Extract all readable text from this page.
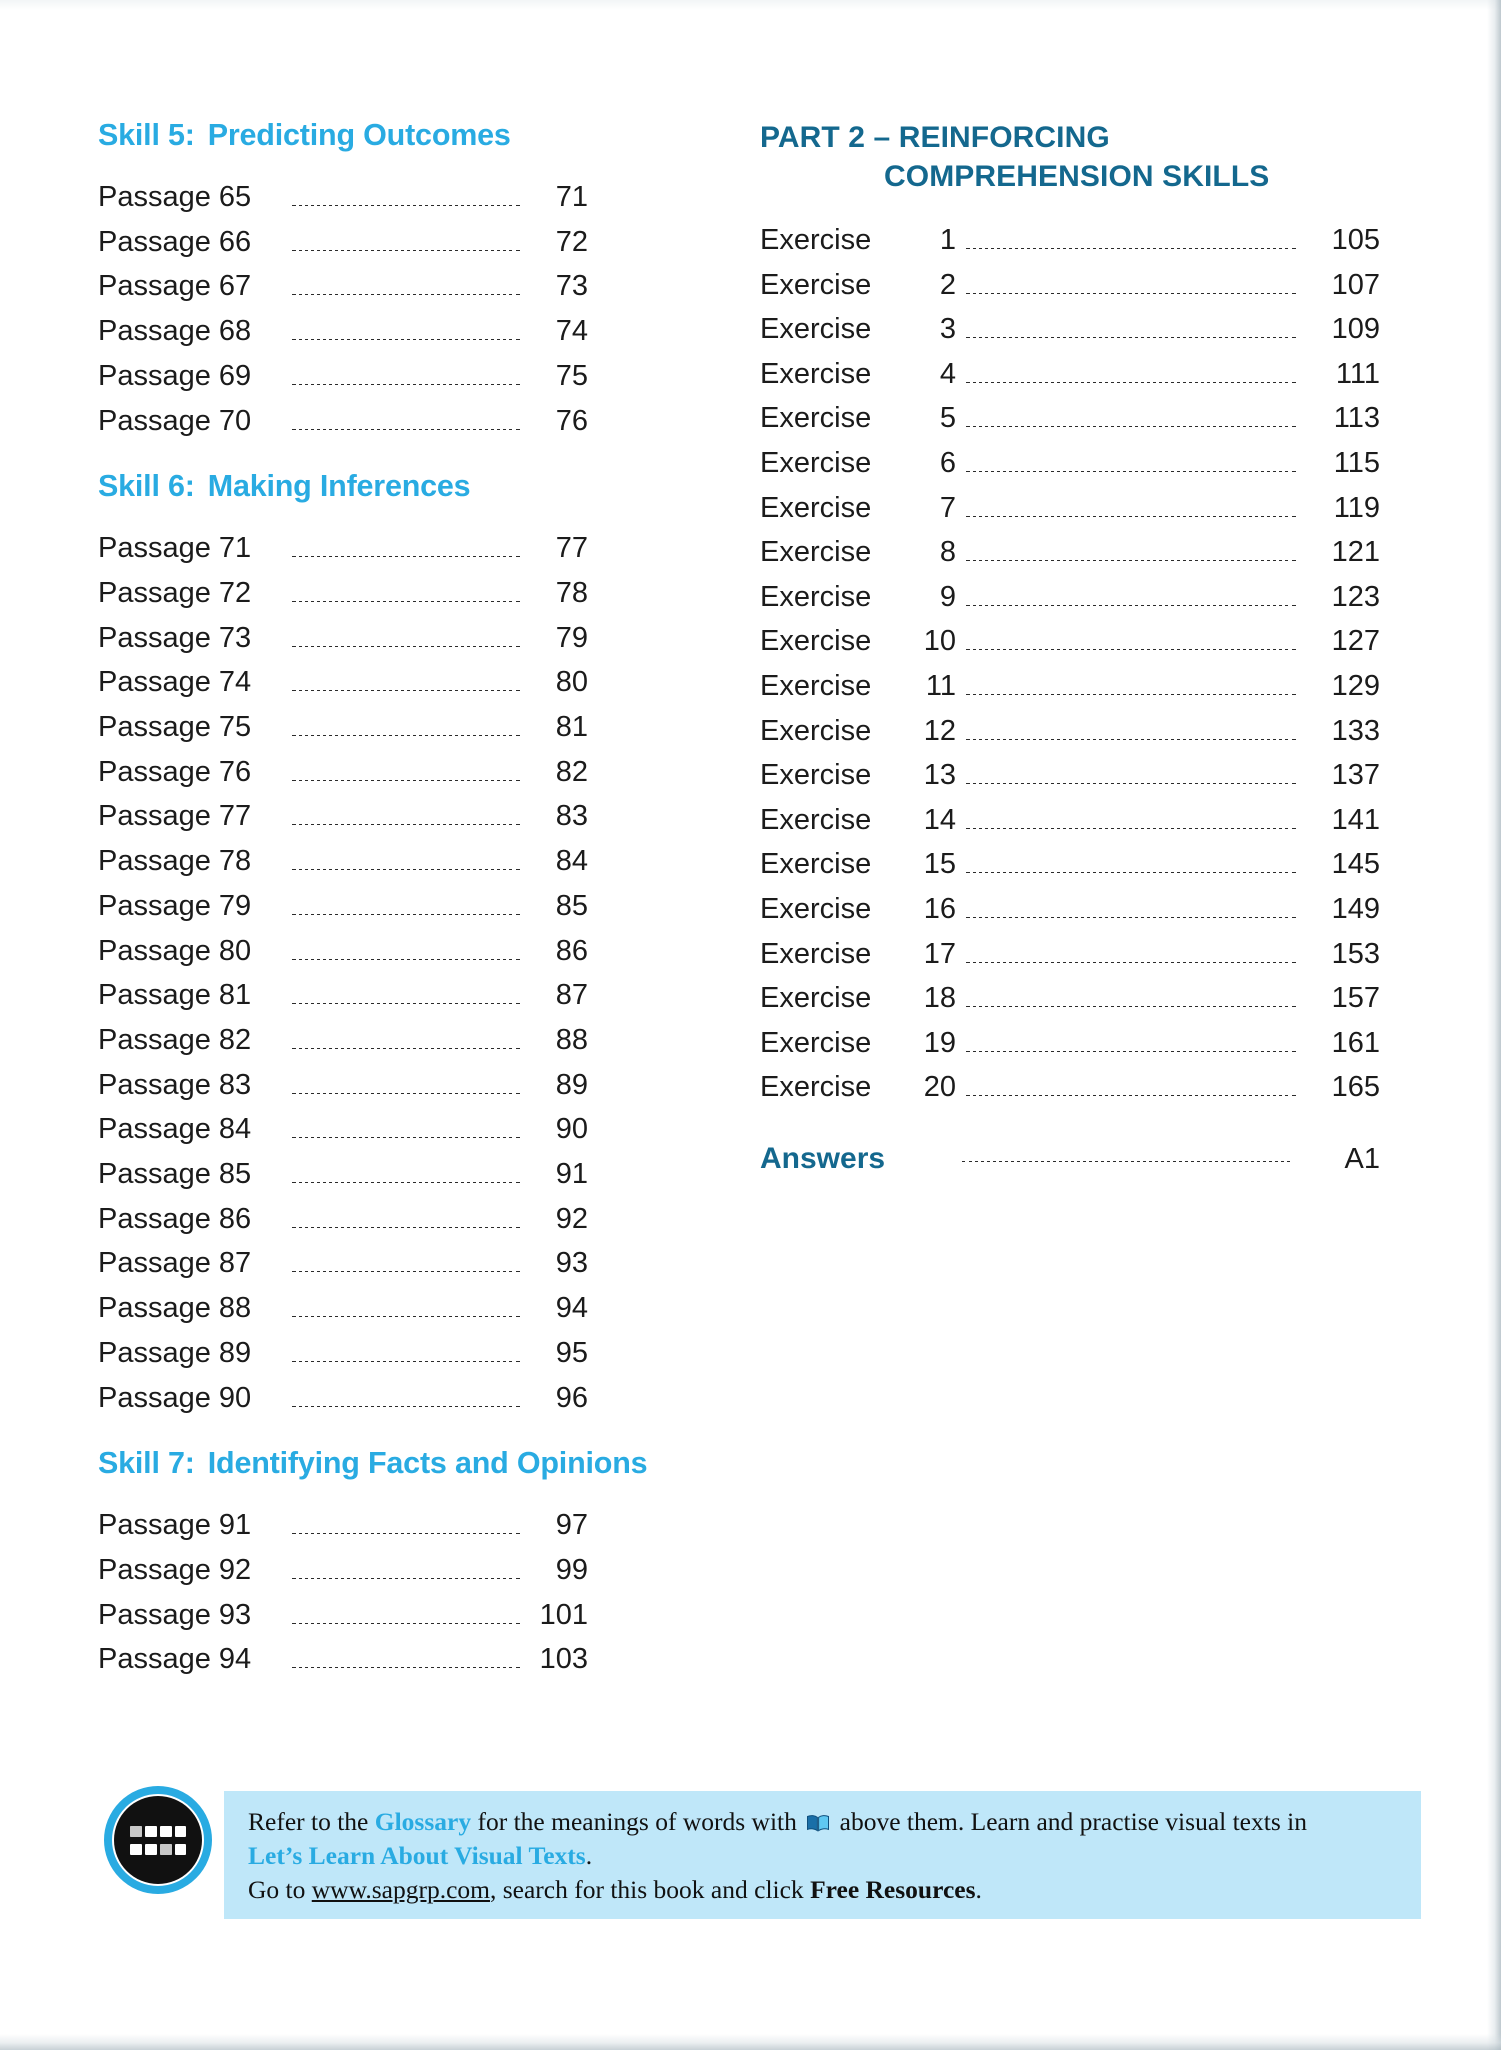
Skill 5: Predicting Outcomes
Passage 65	71
Passage 66	72
Passage 67	73
Passage 68	74
Passage 69	75
Passage 70	76
Skill 6: Making Inferences
Passage 71	77
Passage 72	78
Passage 73	79
Passage 74	80
Passage 75	81
Passage 76	82
Passage 77	83
Passage 78	84
Passage 79	85
Passage 80	86
Passage 81	87
Passage 82	88
Passage 83	89
Passage 84	90
Passage 85	91
Passage 86	92
Passage 87	93
Passage 88	94
Passage 89	95
Passage 90	96
Skill 7: Identifying Facts and Opinions
Passage 91	97
Passage 92	99
Passage 93	101
Passage 94	103
PART 2 – REINFORCING
COMPREHENSION SKILLS
Exercise	1	105
Exercise	2	107
Exercise	3	109
Exercise	4	111
Exercise	5	113
Exercise	6	115
Exercise	7	119
Exercise	8	121
Exercise	9	123
Exercise	10	127
Exercise	11	129
Exercise	12	133
Exercise	13	137
Exercise	14	141
Exercise	15	145
Exercise	16	149
Exercise	17	153
Exercise	18	157
Exercise	19	161
Exercise	20	165
Answers	A1
Refer to the Glossary for the meanings of words with
above them. Learn and practise visual texts in
Let’s Learn About Visual Texts.
Go to www.sapgrp.com, search for this book and click Free Resources.
